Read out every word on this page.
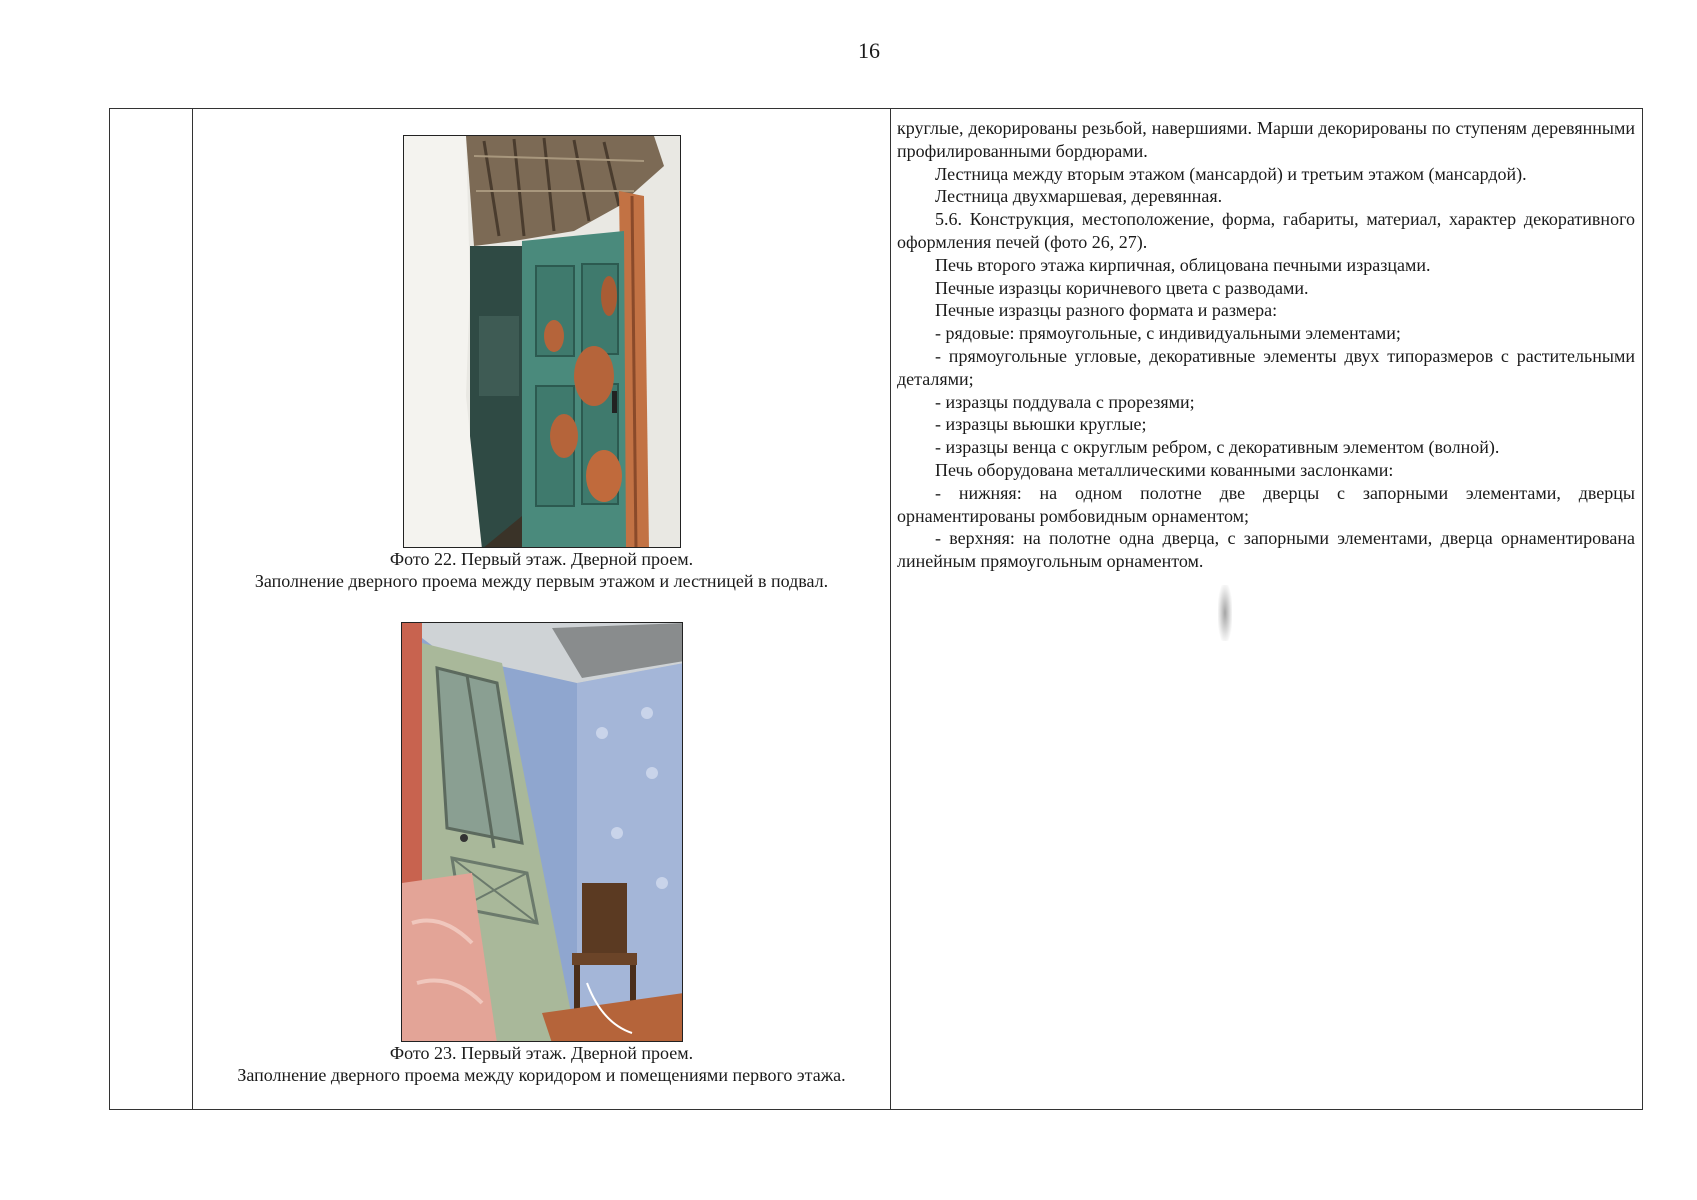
16
Фото 22. Первый этаж. Дверной проем.
Заполнение дверного проема между первым этажом и лестницей в подвал.
Фото 23. Первый этаж. Дверной проем.
Заполнение дверного проема между коридором и помещениями первого этажа.

круглые, декорированы резьбой, навершиями. Марши декорированы по ступеням деревянными профилированными бордюрами.

Лестница между вторым этажом (мансардой) и третьим этажом (мансардой).

Лестница двухмаршевая, деревянная.

5.6. Конструкция, местоположение, форма, габариты, материал, характер декоративного оформления печей (фото 26, 27).

Печь второго этажа кирпичная, облицована печными изразцами.

Печные изразцы коричневого цвета с разводами.

Печные изразцы разного формата и размера:

- рядовые: прямоугольные, с индивидуальными элементами;

- прямоугольные угловые, декоративные элементы двух типоразмеров с растительными деталями;

- изразцы поддувала с прорезями;

- изразцы вьюшки круглые;

- изразцы венца с округлым ребром, с декоративным элементом (волной).

Печь оборудована металлическими кованными заслонками:

- нижняя: на одном полотне две дверцы с запорными элементами, дверцы орнаментированы ромбовидным орнаментом;

- верхняя: на полотне одна дверца, с запорными элементами, дверца орнаментирована линейным прямоугольным орнаментом.
